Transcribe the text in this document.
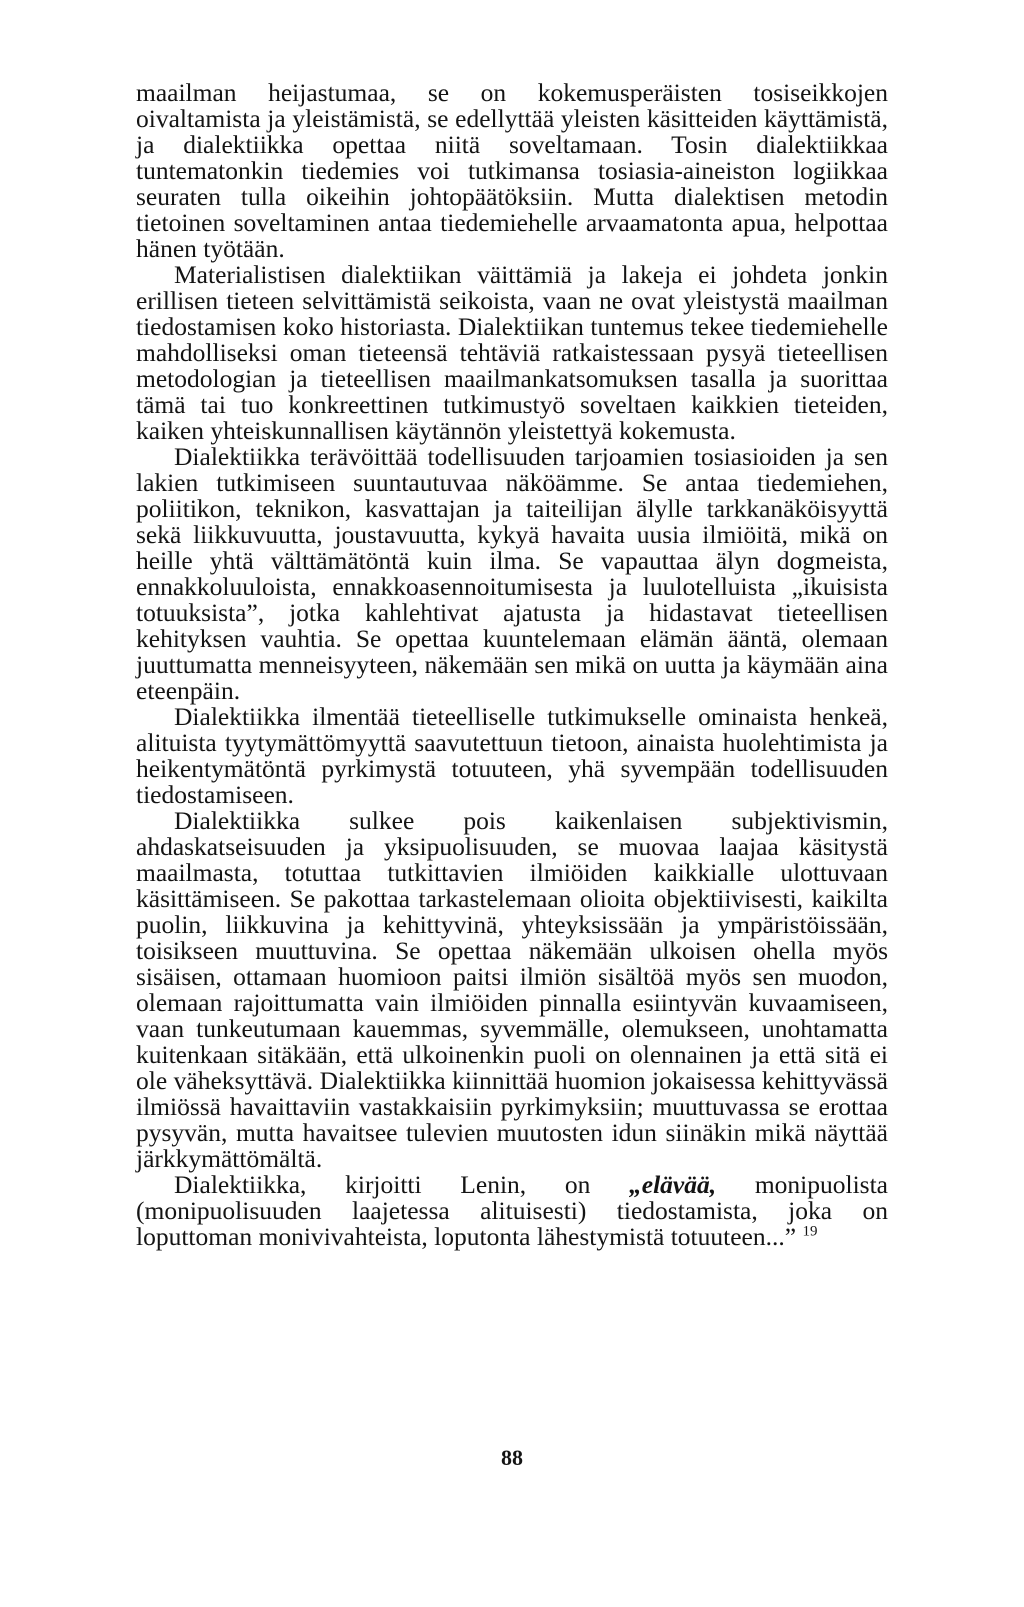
maailman heijastumaa, se on kokemusperäisten tosiseikkojen oivaltamista ja yleistämistä, se edellyttää yleisten käsitteiden käyttämistä, ja dialektiikka opettaa niitä soveltamaan. Tosin dialektiikkaa tuntematonkin tiedemies voi tutkimansa tosiasia-aineiston logiikkaa seuraten tulla oikeihin johtopäätöksiin. Mutta dialektisen metodin tietoinen soveltaminen antaa tiedemiehelle arvaamatonta apua, helpottaa hänen työtään.

Materialistisen dialektiikan väittämiä ja lakeja ei johdeta jonkin erillisen tieteen selvittämistä seikoista, vaan ne ovat yleistystä maailman tiedostamisen koko historiasta. Dialektiikan tuntemus tekee tiedemiehelle mahdolliseksi oman tieteensä tehtäviä ratkaistessaan pysyä tieteellisen metodologian ja tieteellisen maailmankatsomuksen tasalla ja suorittaa tämä tai tuo konkreettinen tutkimustyö soveltaen kaikkien tieteiden, kaiken yhteiskunnallisen käytännön yleistettyä kokemusta.

Dialektiikka terävöittää todellisuuden tarjoamien tosiasioiden ja sen lakien tutkimiseen suuntautuvaa näköämme. Se antaa tiedemiehen, poliitikon, teknikon, kasvattajan ja taiteilijan älylle tarkkanäköisyyttä sekä liikkuvuutta, joustavuutta, kykyä havaita uusia ilmiöitä, mikä on heille yhtä välttämätöntä kuin ilma. Se vapauttaa älyn dogmeista, ennakkoluuloista, ennakkoasennoitumisesta ja luulotelluista „ikuisista totuuksista”, jotka kahlehtivat ajatusta ja hidastavat tieteellisen kehityksen vauhtia. Se opettaa kuuntelemaan elämän ääntä, olemaan juuttumatta menneisyyteen, näkemään sen mikä on uutta ja käymään aina eteenpäin.

Dialektiikka ilmentää tieteelliselle tutkimukselle ominaista henkeä, alituista tyytymättömyyttä saavutettuun tietoon, ainaista huolehtimista ja heikentymätöntä pyrkimystä totuuteen, yhä syvempään todellisuuden tiedostamiseen.

Dialektiikka sulkee pois kaikenlaisen subjektivismin, ahdaskatseisuuden ja yksipuolisuuden, se muovaa laajaa käsitystä maailmasta, totuttaa tutkittavien ilmiöiden kaikkialle ulottuvaan käsittämiseen. Se pakottaa tarkastelemaan olioita objektiivisesti, kaikilta puolin, liikkuvina ja kehittyvinä, yhteyksissään ja ympäristöissään, toisikseen muuttuvina. Se opettaa näkemään ulkoisen ohella myös sisäisen, ottamaan huomioon paitsi ilmiön sisältöä myös sen muodon, olemaan rajoittumatta vain ilmiöiden pinnalla esiintyvän kuvaamiseen, vaan tunkeutumaan kauemmas, syvemmälle, olemukseen, unohtamatta kuitenkaan sitäkään, että ulkoinenkin puoli on olennainen ja että sitä ei ole väheksyttävä. Dialektiikka kiinnittää huomion jokaisessa kehittyvässä ilmiössä havaittaviin vastakkaisiin pyrkimyksiin; muuttuvassa se erottaa pysyvän, mutta havaitsee tulevien muutosten idun siinäkin mikä näyttää järkkymättömältä.

Dialektiikka, kirjoitti Lenin, on „elävää, monipuolista (monipuolisuuden laajetessa alituisesti) tiedostamista, joka on loputtoman monivivahteista, loputonta lähestymistä totuuteen...” $^{19}$

88
